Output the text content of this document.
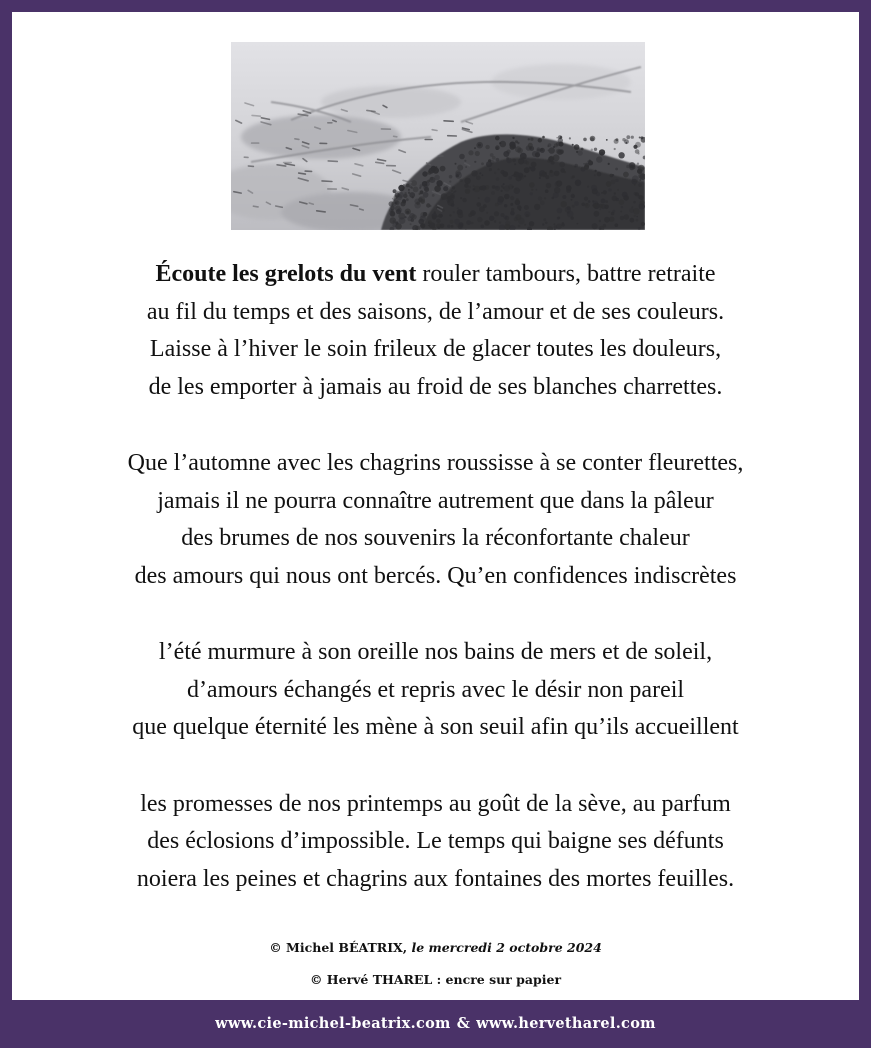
Écoute les grelots du vent rouler tambours, battre retraite
au fil du temps et des saisons, de l’amour et de ses couleurs.
Laisse à l’hiver le soin frileux de glacer toutes les douleurs,
de les emporter à jamais au froid de ses blanches charrettes.
Que l’automne avec les chagrins roussisse à se conter fleurettes,
jamais il ne pourra connaître autrement que dans la pâleur
des brumes de nos souvenirs la réconfortante chaleur
des amours qui nous ont bercés. Qu’en confidences indiscrètes
l’été murmure à son oreille nos bains de mers et de soleil,
d’amours échangés et repris avec le désir non pareil
que quelque éternité les mène à son seuil afin qu’ils accueillent
les promesses de nos printemps au goût de la sève, au parfum
des éclosions d’impossible. Le temps qui baigne ses défunts
noiera les peines et chagrins aux fontaines des mortes feuilles.
© Michel BÉATRIX, le mercredi 2 octobre 2024
© Hervé THAREL : encre sur papier
www.cie-michel-beatrix.com & www.hervetharel.com
